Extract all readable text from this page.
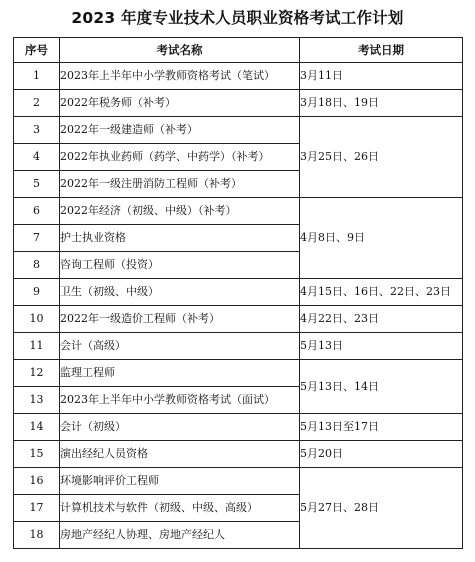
2023 年度专业技术人员职业资格考试工作计划
序号	考试名称	考试日期
1	2023年上半年中小学教师资格考试（笔试）	3月11日
2	2022年税务师（补考）	3月18日、19日
3	2022年一级建造师（补考）	3月25日、26日
4	2022年执业药师（药学、中药学）（补考）	
5	2022年一级注册消防工程师（补考）	
6	2022年经济（初级、中级）（补考）	4月8日、9日
7	护士执业资格	
8	咨询工程师（投资）	
9	卫生（初级、中级）	4月15日、16日、22日、23日
10	2022年一级造价工程师（补考）	4月22日、23日
11	会计（高级）	5月13日
12	监理工程师	5月13日、14日
13	2023年上半年中小学教师资格考试（面试）	
14	会计（初级）	5月13日至17日
15	演出经纪人员资格	5月20日
16	环境影响评价工程师	5月27日、28日
17	计算机技术与软件（初级、中级、高级）	
18	房地产经纪人协理、房地产经纪人	
